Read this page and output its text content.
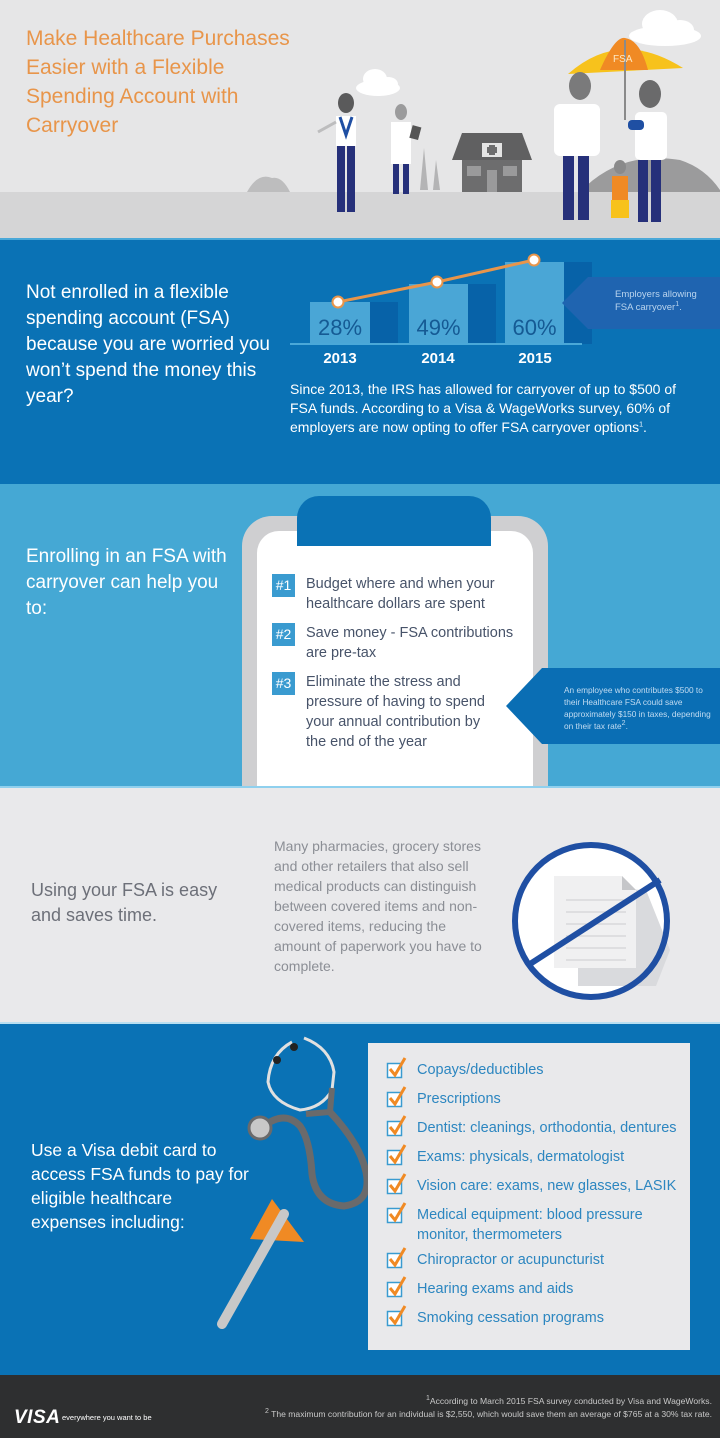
Make Healthcare Purchases Easier with a Flexible Spending Account with Carryover
FSA
Not enrolled in a flexible spending account (FSA) because you are worried you won’t spend the money this year?
28%	49%	60%
2013	2014	2015
Employers allowing
FSA carryover$^1$.
Since 2013, the IRS has allowed for carryover of up to $500 of FSA funds. According to a Visa & WageWorks survey, 60% of employers are now opting to offer FSA carryover options$^1$.
Enrolling in an FSA with carryover can help you to:
#1 Budget where and when your healthcare dollars are spent
#2 Save money - FSA contributions are pre-tax
#3 Eliminate the stress and pressure of having to spend your annual contribution by the end of the year
An employee who contributes $500 to their Healthcare FSA could save approximately $150 in taxes, depending on their tax rate$^2$.
Using your FSA is easy and saves time.
Many pharmacies, grocery stores and other retailers that also sell medical products can distinguish between covered items and non-covered items, reducing the amount of paperwork you have to complete.
Use a Visa debit card to access FSA funds to pay for eligible healthcare expenses including:
Copays/deductibles
Prescriptions
Dentist: cleanings, orthodontia, dentures
Exams: physicals, dermatologist
Vision care: exams, new glasses, LASIK
Medical equipment: blood pressure monitor, thermometers
Chiropractor or acupuncturist
Hearing exams and aids
Smoking cessation programs
VISA everywhere you want to be
$^1$According to March 2015 FSA survey conducted by Visa and WageWorks.
$^2$ The maximum contribution for an individual is $2,550, which would save them an average of $765 at a 30% tax rate.
